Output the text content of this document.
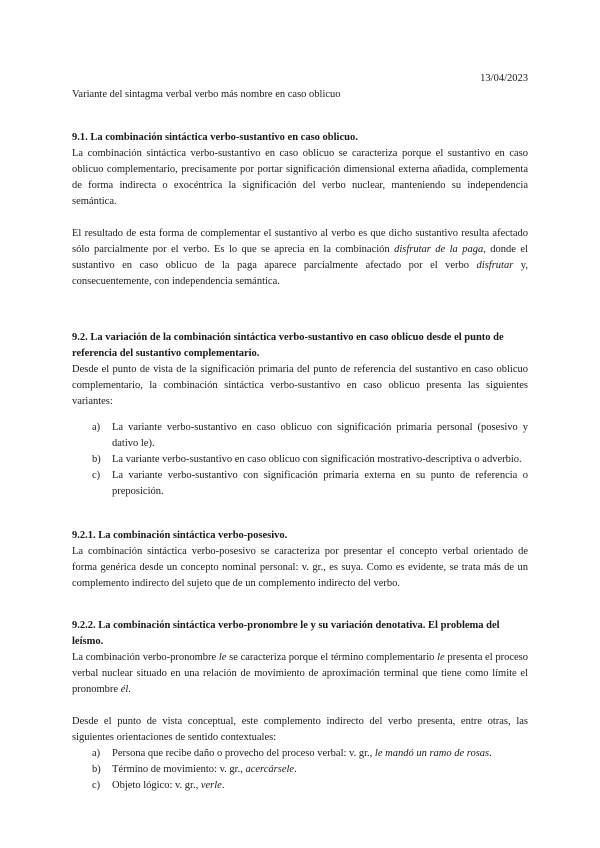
13/04/2023
Variante del sintagma verbal verbo más nombre en caso oblicuo
9.1. La combinación sintáctica verbo-sustantivo en caso oblicuo.

La combinación sintáctica verbo-sustantivo en caso oblicuo se caracteriza porque el sustantivo en caso oblicuo complementario, precisamente por portar significación dimensional externa añadida, complementa de forma indirecta o exocéntrica la significación del verbo nuclear, manteniendo su independencia semántica.

El resultado de esta forma de complementar el sustantivo al verbo es que dicho sustantivo resulta afectado sólo parcialmente por el verbo. Es lo que se aprecia en la combinación disfrutar de la paga, donde el sustantivo en caso oblicuo de la paga aparece parcialmente afectado por el verbo disfrutar y, consecuentemente, con independencia semántica.

9.2. La variación de la combinación sintáctica verbo-sustantivo en caso oblicuo desde el punto de referencia del sustantivo complementario.

Desde el punto de vista de la significación primaria del punto de referencia del sustantivo en caso oblicuo complementario, la combinación sintáctica verbo-sustantivo en caso oblicuo presenta las siguientes variantes:

a) La variante verbo-sustantivo en caso oblicuo con significación primaria personal (posesivo y dativo le).
b) La variante verbo-sustantivo en caso oblicuo con significación mostrativo-descriptiva o adverbio.
c) La variante verbo-sustantivo con significación primaria externa en su punto de referencia o preposición.
9.2.1. La combinación sintáctica verbo-posesivo.

La combinación sintáctica verbo-posesivo se caracteriza por presentar el concepto verbal orientado de forma genérica desde un concepto nominal personal: v. gr., es suya. Como es evidente, se trata más de un complemento indirecto del sujeto que de un complemento indirecto del verbo.

9.2.2. La combinación sintáctica verbo-pronombre le y su variación denotativa. El problema del leísmo.

La combinación verbo-pronombre le se caracteriza porque el término complementario le presenta el proceso verbal nuclear situado en una relación de movimiento de aproximación terminal que tiene como límite el pronombre él.

Desde el punto de vista conceptual, este complemento indirecto del verbo presenta, entre otras, las siguientes orientaciones de sentido contextuales:

a) Persona que recibe daño o provecho del proceso verbal: v. gr., le mandó un ramo de rosas.
b) Término de movimiento: v. gr., acercársele.
c) Objeto lógico: v. gr., verle.
